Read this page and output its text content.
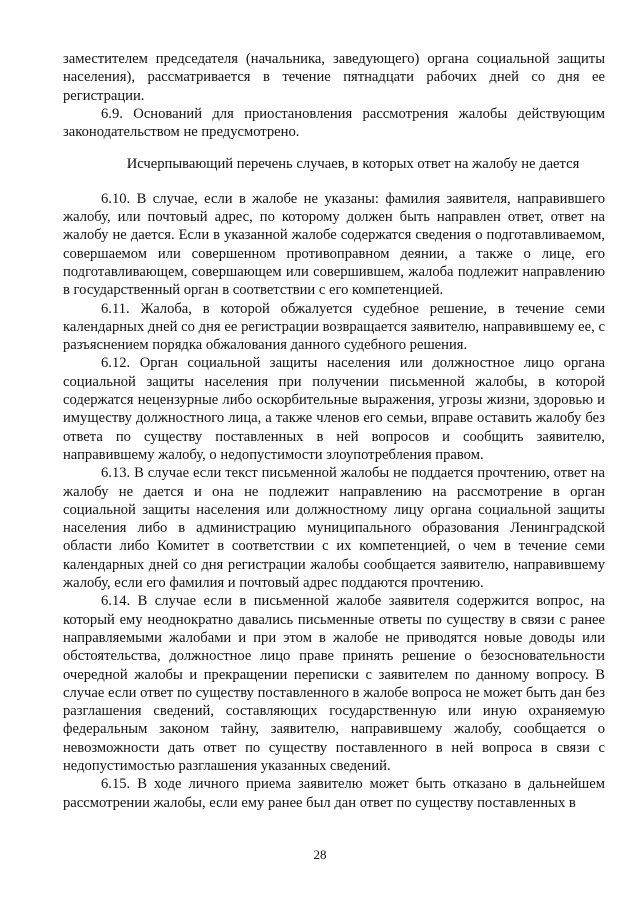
заместителем председателя (начальника, заведующего) органа социальной защиты населения), рассматривается в течение пятнадцати рабочих дней со дня ее регистрации.

6.9. Оснований для приостановления рассмотрения жалобы действующим законодательством не предусмотрено.

Исчерпывающий перечень случаев, в которых ответ на жалобу не дается

6.10. В случае, если в жалобе не указаны: фамилия заявителя, направившего жалобу, или почтовый адрес, по которому должен быть направлен ответ, ответ на жалобу не дается. Если в указанной жалобе содержатся сведения о подготавливаемом, совершаемом или совершенном противоправном деянии, а также о лице, его подготавливающем, совершающем или совершившем, жалоба подлежит направлению в государственный орган в соответствии с его компетенцией.

6.11. Жалоба, в которой обжалуется судебное решение, в течение семи календарных дней со дня ее регистрации возвращается заявителю, направившему ее, с разъяснением порядка обжалования данного судебного решения.

6.12. Орган социальной защиты населения или должностное лицо органа социальной защиты населения при получении письменной жалобы, в которой содержатся нецензурные либо оскорбительные выражения, угрозы жизни, здоровью и имуществу должностного лица, а также членов его семьи, вправе оставить жалобу без ответа по существу поставленных в ней вопросов и сообщить заявителю, направившему жалобу, о недопустимости злоупотребления правом.

6.13. В случае если текст письменной жалобы не поддается прочтению, ответ на жалобу не дается и она не подлежит направлению на рассмотрение в орган социальной защиты населения или должностному лицу органа социальной защиты населения либо в администрацию муниципального образования Ленинградской области либо Комитет в соответствии с их компетенцией, о чем в течение семи календарных дней со дня регистрации жалобы сообщается заявителю, направившему жалобу, если его фамилия и почтовый адрес поддаются прочтению.

6.14. В случае если в письменной жалобе заявителя содержится вопрос, на который ему неоднократно давались письменные ответы по существу в связи с ранее направляемыми жалобами и при этом в жалобе не приводятся новые доводы или обстоятельства, должностное лицо праве принять решение о безосновательности очередной жалобы и прекращении переписки с заявителем по данному вопросу. В случае если ответ по существу поставленного в жалобе вопроса не может быть дан без разглашения сведений, составляющих государственную или иную охраняемую федеральным законом тайну, заявителю, направившему жалобу, сообщается о невозможности дать ответ по существу поставленного в ней вопроса в связи с недопустимостью разглашения указанных сведений.

6.15. В ходе личного приема заявителю может быть отказано в дальнейшем рассмотрении жалобы, если ему ранее был дан ответ по существу поставленных в

28
